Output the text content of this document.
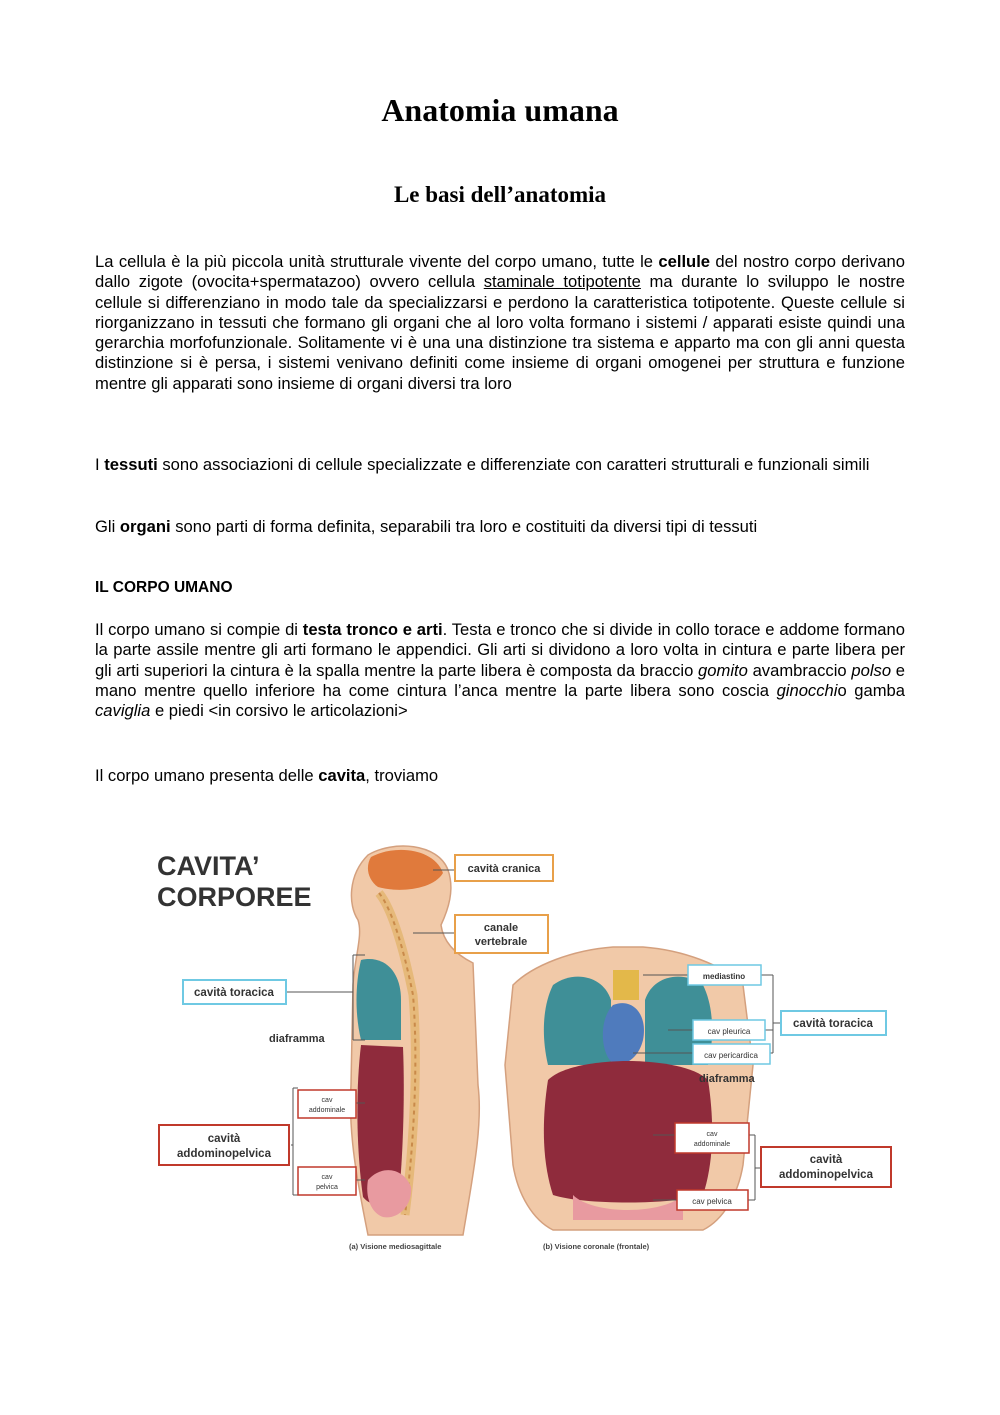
Anatomia umana
Le basi dell’anatomia

La cellula è la più piccola unità strutturale vivente del corpo umano, tutte le cellule del nostro corpo derivano dallo zigote (ovocita+spermatazoo) ovvero cellula staminale totipotente ma durante lo sviluppo le nostre cellule si differenziano in modo tale da specializzarsi e perdono la caratteristica totipotente. Queste cellule si riorganizzano in tessuti che formano gli organi che al loro volta formano i sistemi / apparati esiste quindi una gerarchia morfofunzionale. Solitamente vi è una una distinzione tra sistema e apparto ma con gli anni questa distinzione si è persa, i sistemi venivano definiti come insieme di organi omogenei per struttura e funzione mentre gli apparati sono insieme di organi diversi tra loro

I tessuti sono associazioni di cellule specializzate e differenziate con caratteri strutturali e funzionali simili

Gli organi sono parti di forma definita, separabili tra loro e costituiti da diversi tipi di tessuti

IL CORPO UMANO

Il corpo umano si compie di testa tronco e arti. Testa e tronco che si divide in collo torace e addome formano la parte assile mentre gli arti formano le appendici. Gli arti si dividono a loro volta in cintura e parte libera per gli arti superiori la cintura è la spalla mentre la parte libera è composta da braccio gomito avambraccio polso e mano mentre quello inferiore ha come cintura l’anca mentre la parte libera sono coscia ginocchio gamba caviglia e piedi <in corsivo le articolazioni>

Il corpo umano presenta delle cavita, troviamo

CAVITA’
CORPOREE
cavità cranica
canale
vertebrale
cavità toracica
diaframma
cav
addominale
cav
pelvica
cavità
addominopelvica
(a) Visione mediosagittale
mediastino
cav pleurica
cav pericardica
cavità toracica
diaframma
cav
addominale
cav pelvica
cavità
addominopelvica
(b) Visione coronale (frontale)
